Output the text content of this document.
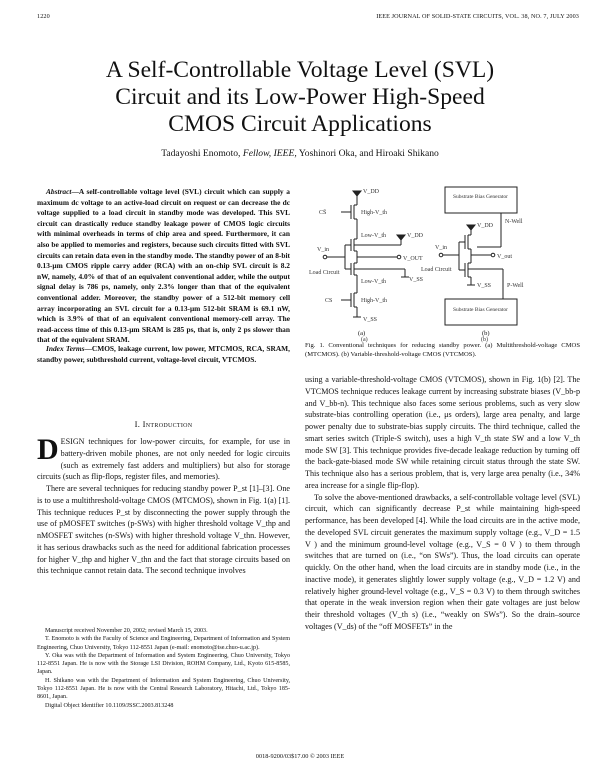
1220	IEEE JOURNAL OF SOLID-STATE CIRCUITS, VOL. 38, NO. 7, JULY 2003
A Self-Controllable Voltage Level (SVL)
Circuit and its Low-Power High-Speed
CMOS Circuit Applications
Tadayoshi Enomoto, Fellow, IEEE, Yoshinori Oka, and Hiroaki Shikano

Abstract—A self-controllable voltage level (SVL) circuit which can supply a maximum dc voltage to an active-load circuit on request or can decrease the dc voltage supplied to a load circuit in standby mode was developed. This SVL circuit can drastically reduce standby leakage power of CMOS logic circuits with minimal overheads in terms of chip area and speed. Furthermore, it can also be applied to memories and registers, because such circuits fitted with SVL circuits can retain data even in the standby mode. The standby power of an 8-bit 0.13-μm CMOS ripple carry adder (RCA) with an on-chip SVL circuit is 8.2 nW, namely, 4.0% of that of an equivalent conventional adder, while the output signal delay is 786 ps, namely, only 2.3% longer than that of the equivalent conventional adder. Moreover, the standby power of a 512-bit memory cell array incorporating an SVL circuit for a 0.13-μm 512-bit SRAM is 69.1 nW, which is 3.9% of that of an equivalent conventional memory-cell array. The read-access time of this 0.13-μm SRAM is 285 ps, that is, only 2 ps slower than that of the equivalent SRAM.

Index Terms—CMOS, leakage current, low power, MTCMOS, RCA, SRAM, standby power, subthreshold current, voltage-level circuit, VTCMOS.
I. Introduction

DESIGN techniques for low-power circuits, for example, for use in battery-driven mobile phones, are not only needed for logic circuits (such as extremely fast adders and multipliers) but also for storage circuits (such as flip-flops, register files, and memories).

There are several techniques for reducing standby power P_st [1]–[3]. One is to use a multithreshold-voltage CMOS (MTCMOS), shown in Fig. 1(a) [1]. This technique reduces P_st by disconnecting the power supply through the use of pMOSFET switches (p-SWs) with higher threshold voltage V_thp and nMOSFET switches (n-SWs) with higher threshold voltage V_thn. However, it has serious drawbacks such as the need for additional fabrication processes for higher V_thp and higher V_thn and the fact that storage circuits based on this technique cannot retain data. The second technique involves

Manuscript received November 20, 2002; revised March 15, 2003.

T. Enomoto is with the Faculty of Science and Engineering, Department of Information and System Engineering, Chuo University, Tokyo 112-8551 Japan (e-mail: enomoto@ise.chuo-u.ac.jp).

Y. Oka was with the Department of Information and System Engineering, Chuo University, Tokyo 112-8551 Japan. He is now with the Storage LSI Division, ROHM Company, Ltd., Kyoto 615-8585, Japan.

H. Shikano was with the Department of Information and System Engineering, Chuo University, Tokyo 112-8551 Japan. He is now with the Central Research Laboratory, Hitachi, Ltd., Tokyo 185-8601, Japan.

Digital Object Identifier 10.1109/JSSC.2003.813248

V_DD
CS̄	High-V_th
Low-V_th	V_DD
V_in
V_OUT
Load Circuit
Low-V_th	V_SS
CS	High-V_th
V_SS
Substrate Bias Generator
N-Well
V_DD
V_in
V_out
Load Circuit
V_SS	P-Well
Substrate Bias Generator
(a)	(b)
(a)	(b)
Fig. 1. Conventional techniques for reducing standby power. (a) Multithreshold-voltage CMOS (MTCMOS). (b) Variable-threshold-voltage CMOS (VTCMOS).

using a variable-threshold-voltage CMOS (VTCMOS), shown in Fig. 1(b) [2]. The VTCMOS technique reduces leakage current by increasing substrate biases (V_bb-p and V_bb-n). This technique also faces some serious problems, such as very slow substrate-bias controlling operation (i.e., μs orders), large area penalty, and large power penalty due to substrate-bias supply circuits. The third technique, called the smart series switch (Triple-S switch), uses a high V_th state SW and a low V_th mode SW [3]. This technique provides five-decade leakage reduction by turning off the back-gate-biased mode SW while retaining circuit status through the state SW. This technique also has a serious problem, that is, very large area penalty (i.e., 34% area increase for a single flip-flop).

To solve the above-mentioned drawbacks, a self-controllable voltage level (SVL) circuit, which can significantly decrease P_st while maintaining high-speed performance, has been developed [4]. While the load circuits are in the active mode, the developed SVL circuit generates the maximum supply voltage (e.g., V_D = 1.5 V ) and the minimum ground-level voltage (e.g., V_S = 0 V ) to them through switches that are turned on (i.e., “on SWs”). Thus, the load circuits can operate quickly. On the other hand, when the load circuits are in standby mode (i.e., in the inactive mode), it generates slightly lower supply voltage (e.g., V_D = 1.2 V) and relatively higher ground-level voltage (e.g., V_S = 0.3 V) to them through switches that operate in the weak inversion region when their gate voltages are just below their threshold voltages (V_th s) (i.e., “weakly on SWs”). So the drain–source voltages (V_ds) of the “off MOSFETs” in the

0018-9200/03$17.00 © 2003 IEEE
